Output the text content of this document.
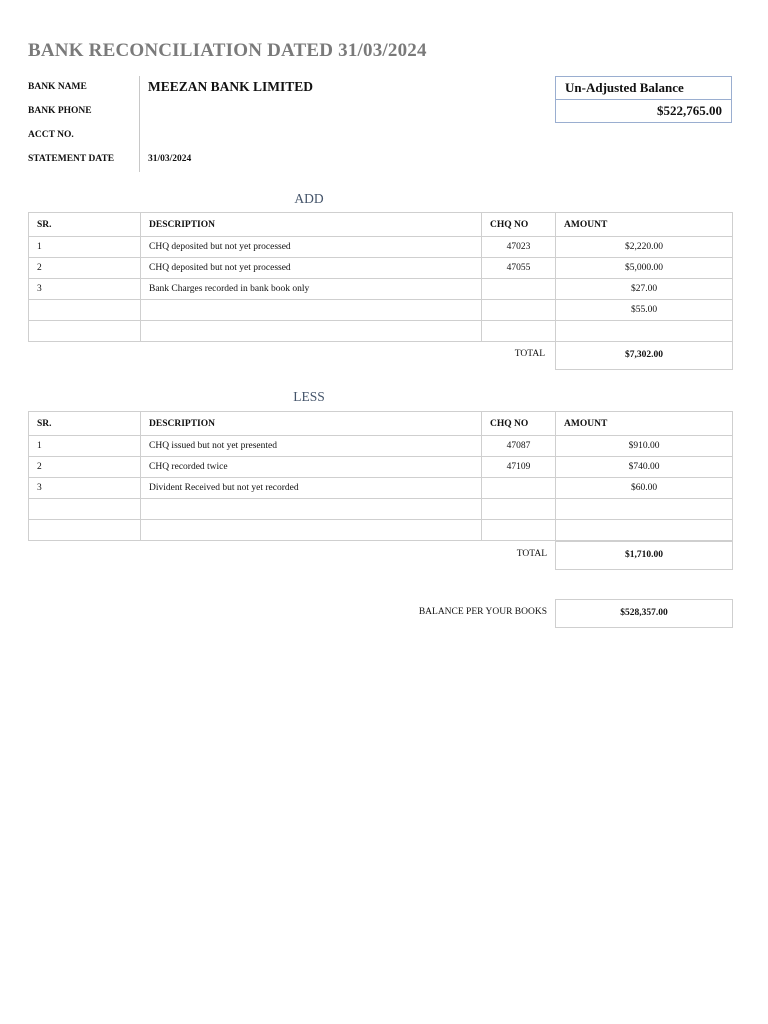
BANK RECONCILIATION DATED 31/03/2024
BANK NAME	MEEZAN BANK LIMITED
BANK PHONE
ACCT NO.
STATEMENT DATE	31/03/2024
Un-Adjusted Balance
$522,765.00
ADD
SR.	DESCRIPTION	CHQ NO	AMOUNT
1	CHQ deposited but not yet processed	47023	$2,220.00
2	CHQ deposited but not yet processed	47055	$5,000.00
3	Bank Charges recorded in bank book only		$27.00
			$55.00

TOTAL	$7,302.00
LESS
SR.	DESCRIPTION	CHQ NO	AMOUNT
1	CHQ issued but not yet presented	47087	$910.00
2	CHQ recorded twice	47109	$740.00
3	Divident Received but not yet recorded		$60.00

TOTAL	$1,710.00
BALANCE PER YOUR BOOKS	$528,357.00
